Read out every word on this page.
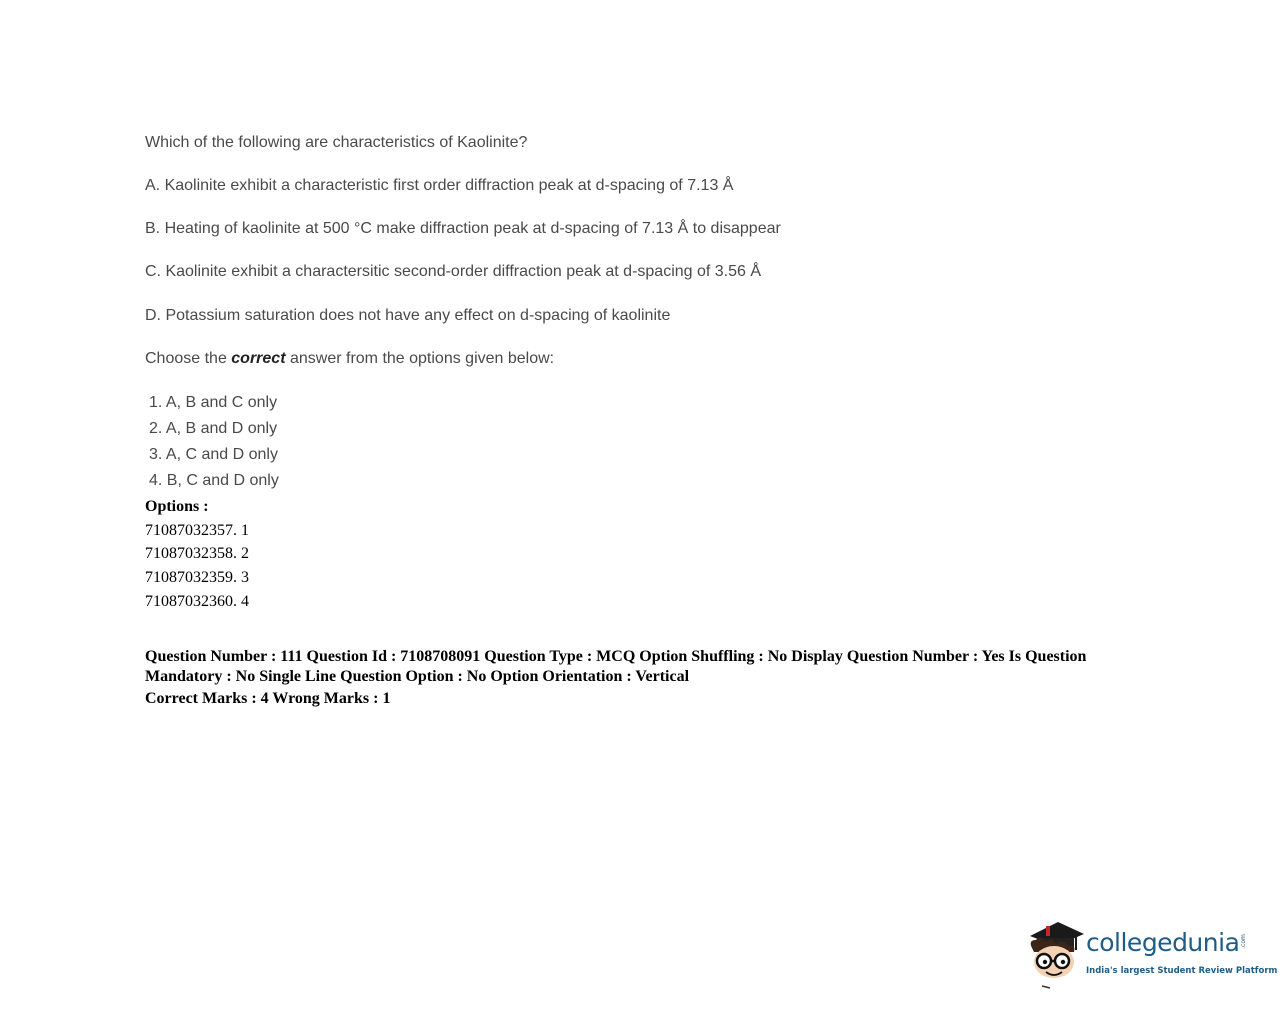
Which of the following are characteristics of Kaolinite?
A. Kaolinite exhibit a characteristic first order diffraction peak at d-spacing of 7.13 Å
B. Heating of kaolinite at 500 °C make diffraction peak at d-spacing of 7.13 Å to disappear
C. Kaolinite exhibit a charactersitic second-order diffraction peak at d-spacing of 3.56 Å
D. Potassium saturation does not have any effect on d-spacing of kaolinite
Choose the correct answer from the options given below:
1. A, B and C only
2. A, B and D only
3. A, C and D only
4. B, C and D only
Options :
71087032357. 1
71087032358. 2
71087032359. 3
71087032360. 4
Question Number : 111 Question Id : 7108708091 Question Type : MCQ Option Shuffling : No Display Question Number : Yes Is Question Mandatory : No Single Line Question Option : No Option Orientation : Vertical
Correct Marks : 4 Wrong Marks : 1
collegedunia .com
India's largest Student Review Platform
